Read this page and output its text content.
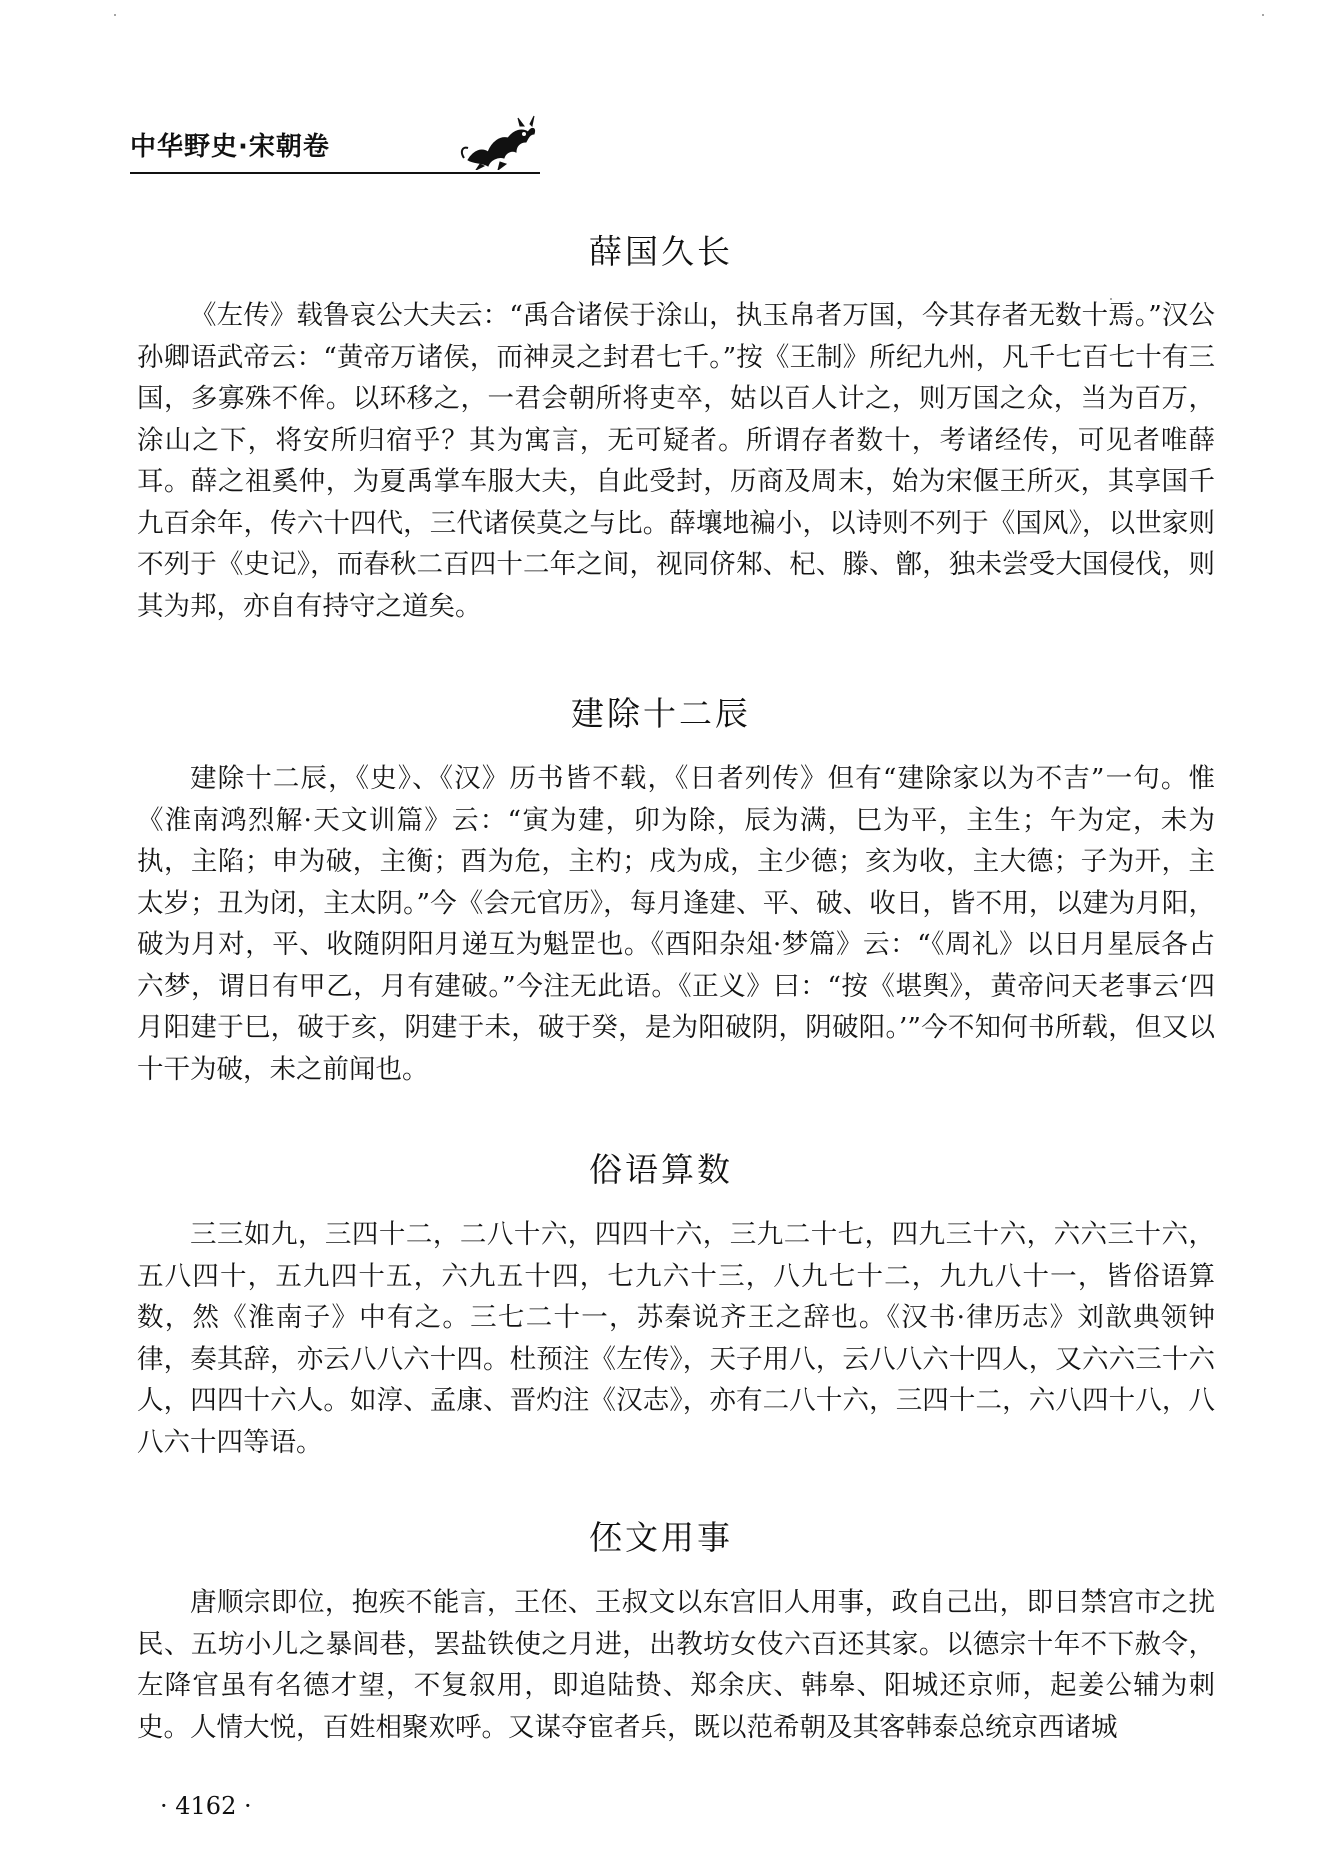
中华野史·宋朝卷
薛国久长

《左传》载鲁哀公大夫云：“禹合诸侯于涂山，执玉帛者万国，今其存者无数十焉。”汉公孙卿语武帝云：“黄帝万诸侯，而神灵之封君七千。”按《王制》所纪九州，凡千七百七十有三国，多寡殊不侔。以环移之，一君会朝所将吏卒，姑以百人计之，则万国之众，当为百万，涂山之下，将安所归宿乎？其为寓言，无可疑者。所谓存者数十，考诸经传，可见者唯薛耳。薛之祖奚仲，为夏禹掌车服大夫，自此受封，历商及周末，始为宋偃王所灭，其享国千九百余年，传六十四代，三代诸侯莫之与比。薛壤地褊小，以诗则不列于《国风》，以世家则不列于《史记》，而春秋二百四十二年之间，视同侪邾、杞、滕、鄫，独未尝受大国侵伐，则其为邦，亦自有持守之道矣。

建除十二辰

建除十二辰，《史》、《汉》历书皆不载，《日者列传》但有“建除家以为不吉”一句。惟《淮南鸿烈解·天文训篇》云：“寅为建，卯为除，辰为满，巳为平，主生；午为定，未为执，主陷；申为破，主衡；酉为危，主杓；戌为成，主少德；亥为收，主大德；子为开，主太岁；丑为闭，主太阴。”今《会元官历》，每月逢建、平、破、收日，皆不用，以建为月阳，破为月对，平、收随阴阳月递互为魁罡也。《酉阳杂俎·梦篇》云：“《周礼》以日月星辰各占六梦，谓日有甲乙，月有建破。”今注无此语。《正义》曰：“按《堪舆》，黄帝问天老事云‘四月阳建于巳，破于亥，阴建于未，破于癸，是为阳破阴，阴破阳。’”今不知何书所载，但又以十干为破，未之前闻也。

俗语算数

三三如九，三四十二，二八十六，四四十六，三九二十七，四九三十六，六六三十六，五八四十，五九四十五，六九五十四，七九六十三，八九七十二，九九八十一，皆俗语算数，然《淮南子》中有之。三七二十一，苏秦说齐王之辞也。《汉书·律历志》刘歆典领钟律，奏其辞，亦云八八六十四。杜预注《左传》，天子用八，云八八六十四人，又六六三十六人，四四十六人。如淳、孟康、晋灼注《汉志》，亦有二八十六，三四十二，六八四十八，八八六十四等语。

伾文用事

唐顺宗即位，抱疾不能言，王伾、王叔文以东宫旧人用事，政自己出，即日禁宫市之扰民、五坊小儿之暴闾巷，罢盐铁使之月进，出教坊女伎六百还其家。以德宗十年不下赦令，左降官虽有名德才望，不复叙用，即追陆贽、郑余庆、韩皋、阳城还京师，起姜公辅为刺史。人情大悦，百姓相聚欢呼。又谋夺宦者兵，既以范希朝及其客韩泰总统京西诸城

· 4162 ·
